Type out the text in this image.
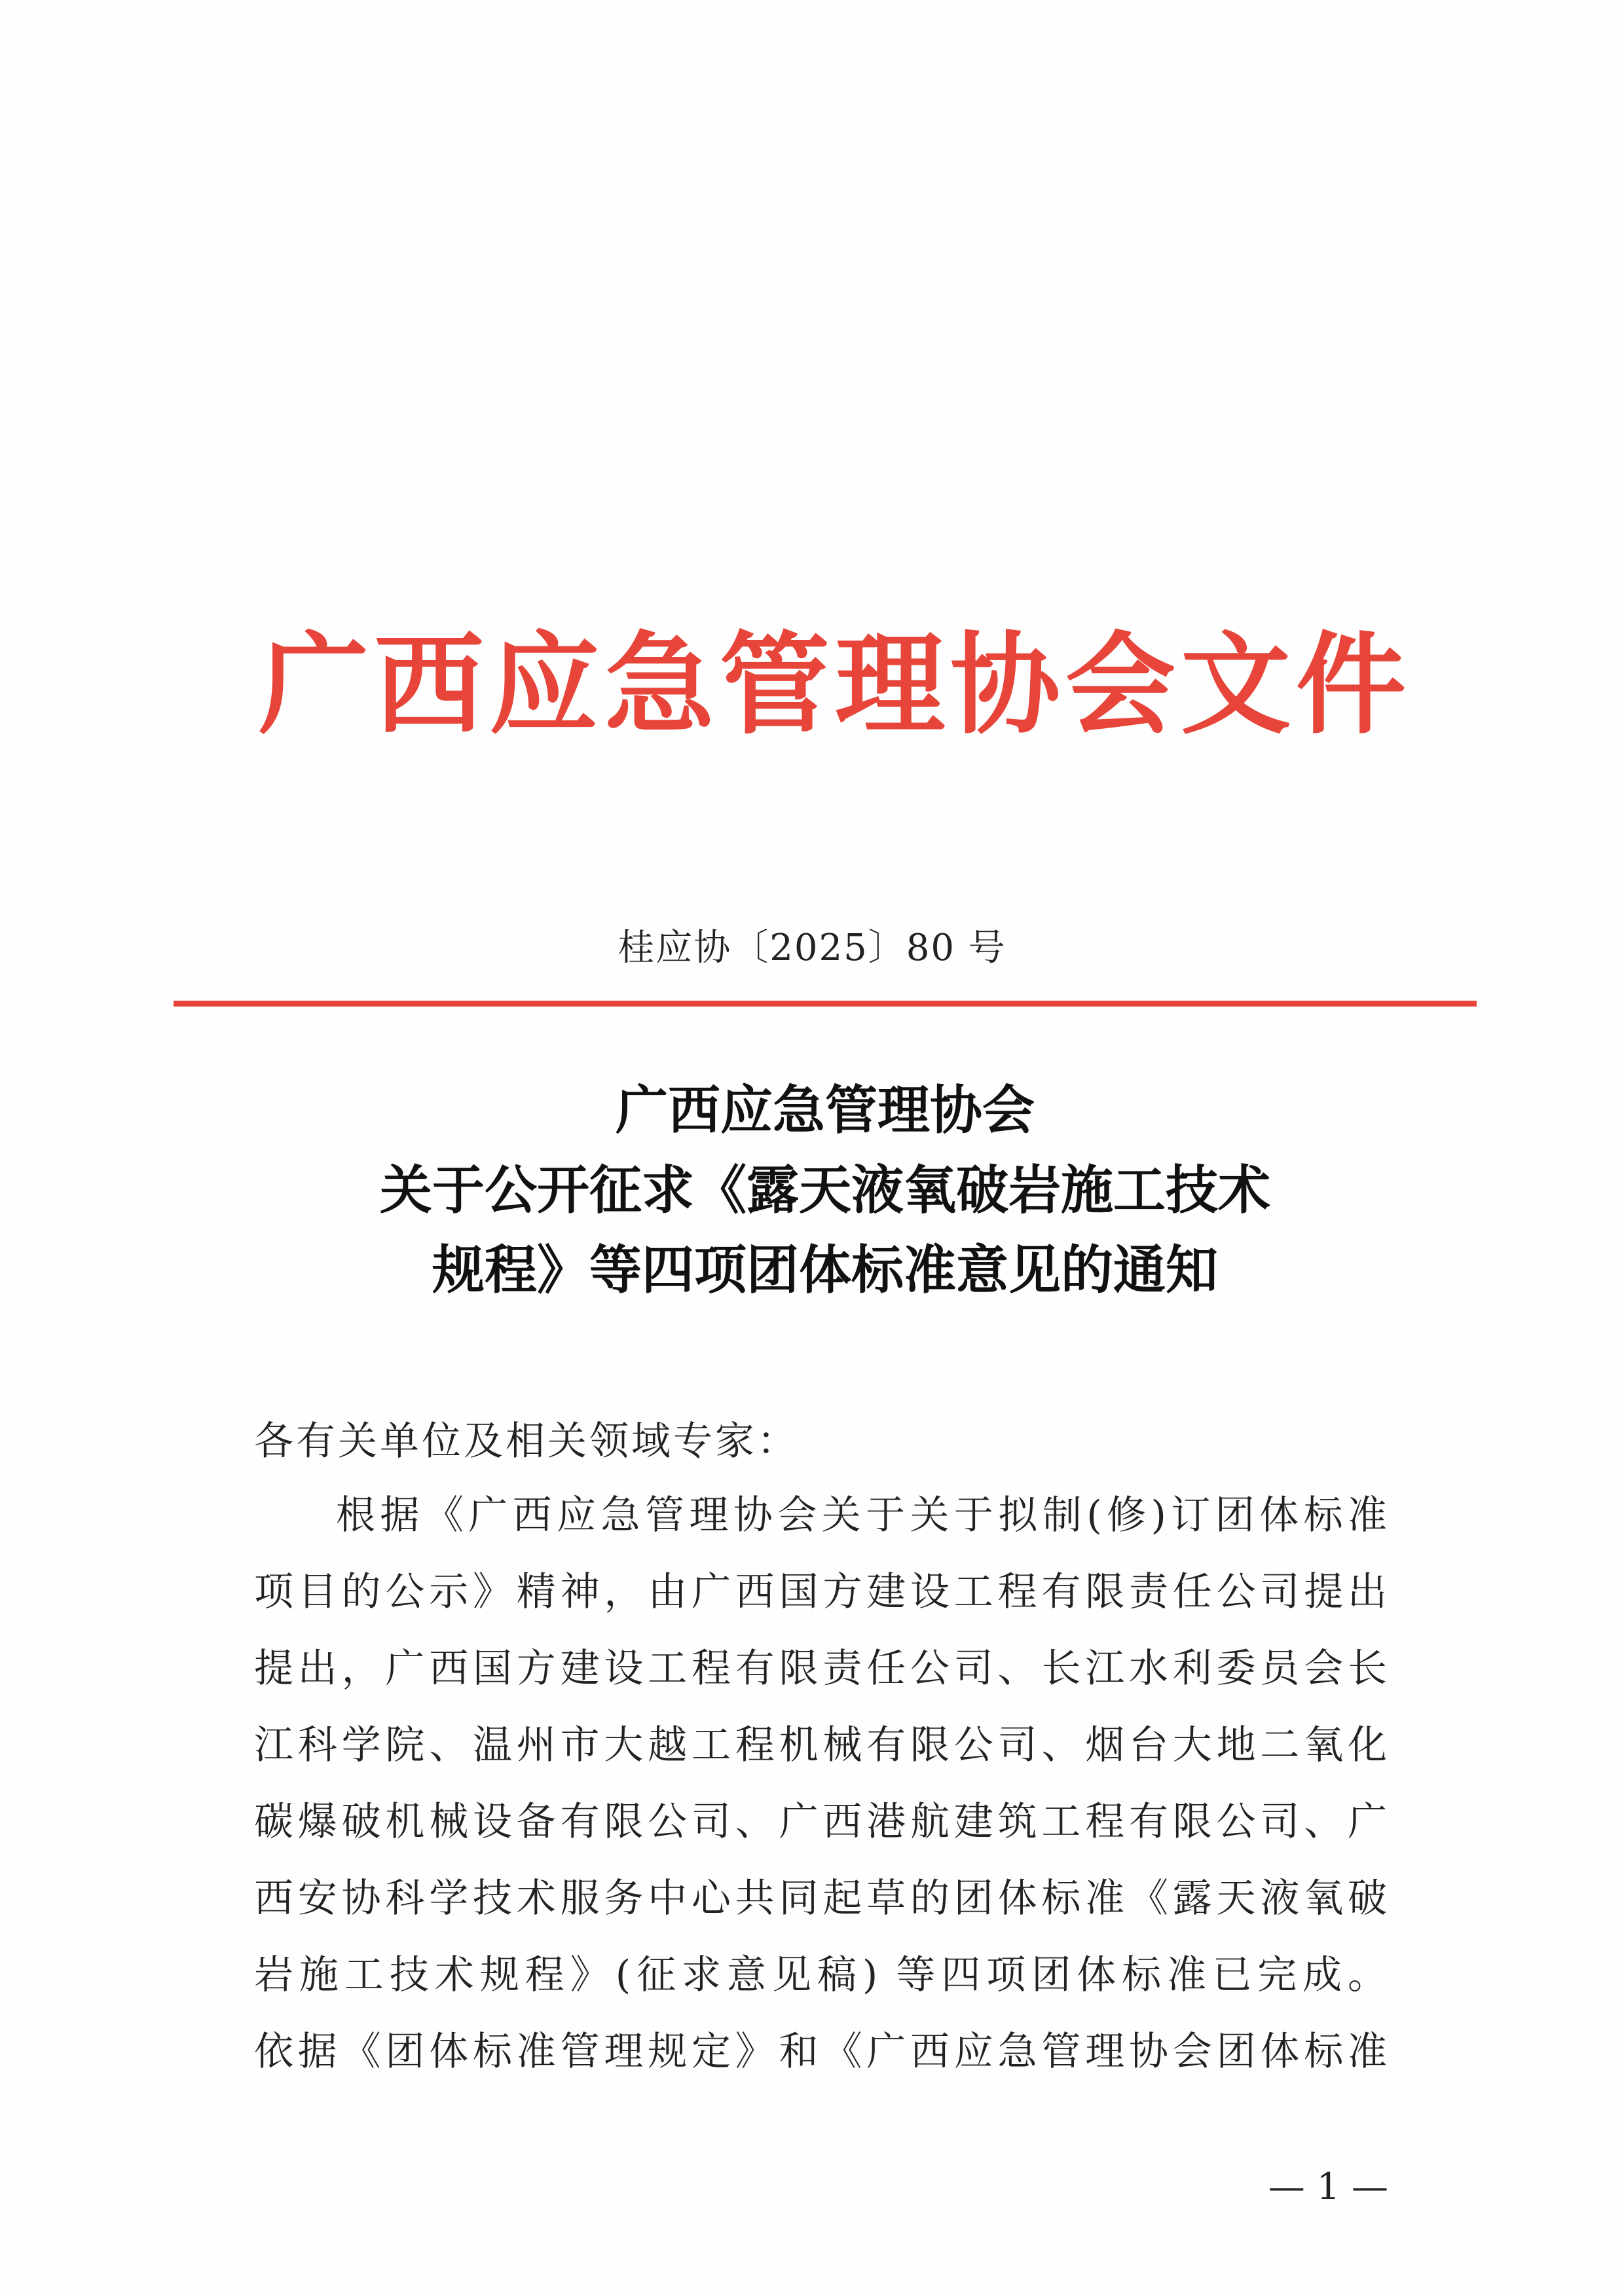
广西应急管理协会文件
桂应协〔2025〕80 号
广西应急管理协会
关于公开征求《露天液氧破岩施工技术
规程》等四项团体标准意见的通知
各有关单位及相关领域专家：
根据《广西应急管理协会关于关于拟制(修)订团体标准
项目的公示》精神，由广西国方建设工程有限责任公司提出
提出，广西国方建设工程有限责任公司、长江水利委员会长
江科学院、温州市大越工程机械有限公司、烟台大地二氧化
碳爆破机械设备有限公司、广西港航建筑工程有限公司、广
西安协科学技术服务中心共同起草的团体标准《露天液氧破
岩施工技术规程》(征求意见稿) 等四项团体标准已完成。
依据《团体标准管理规定》和《广西应急管理协会团体标准
— 1 —
